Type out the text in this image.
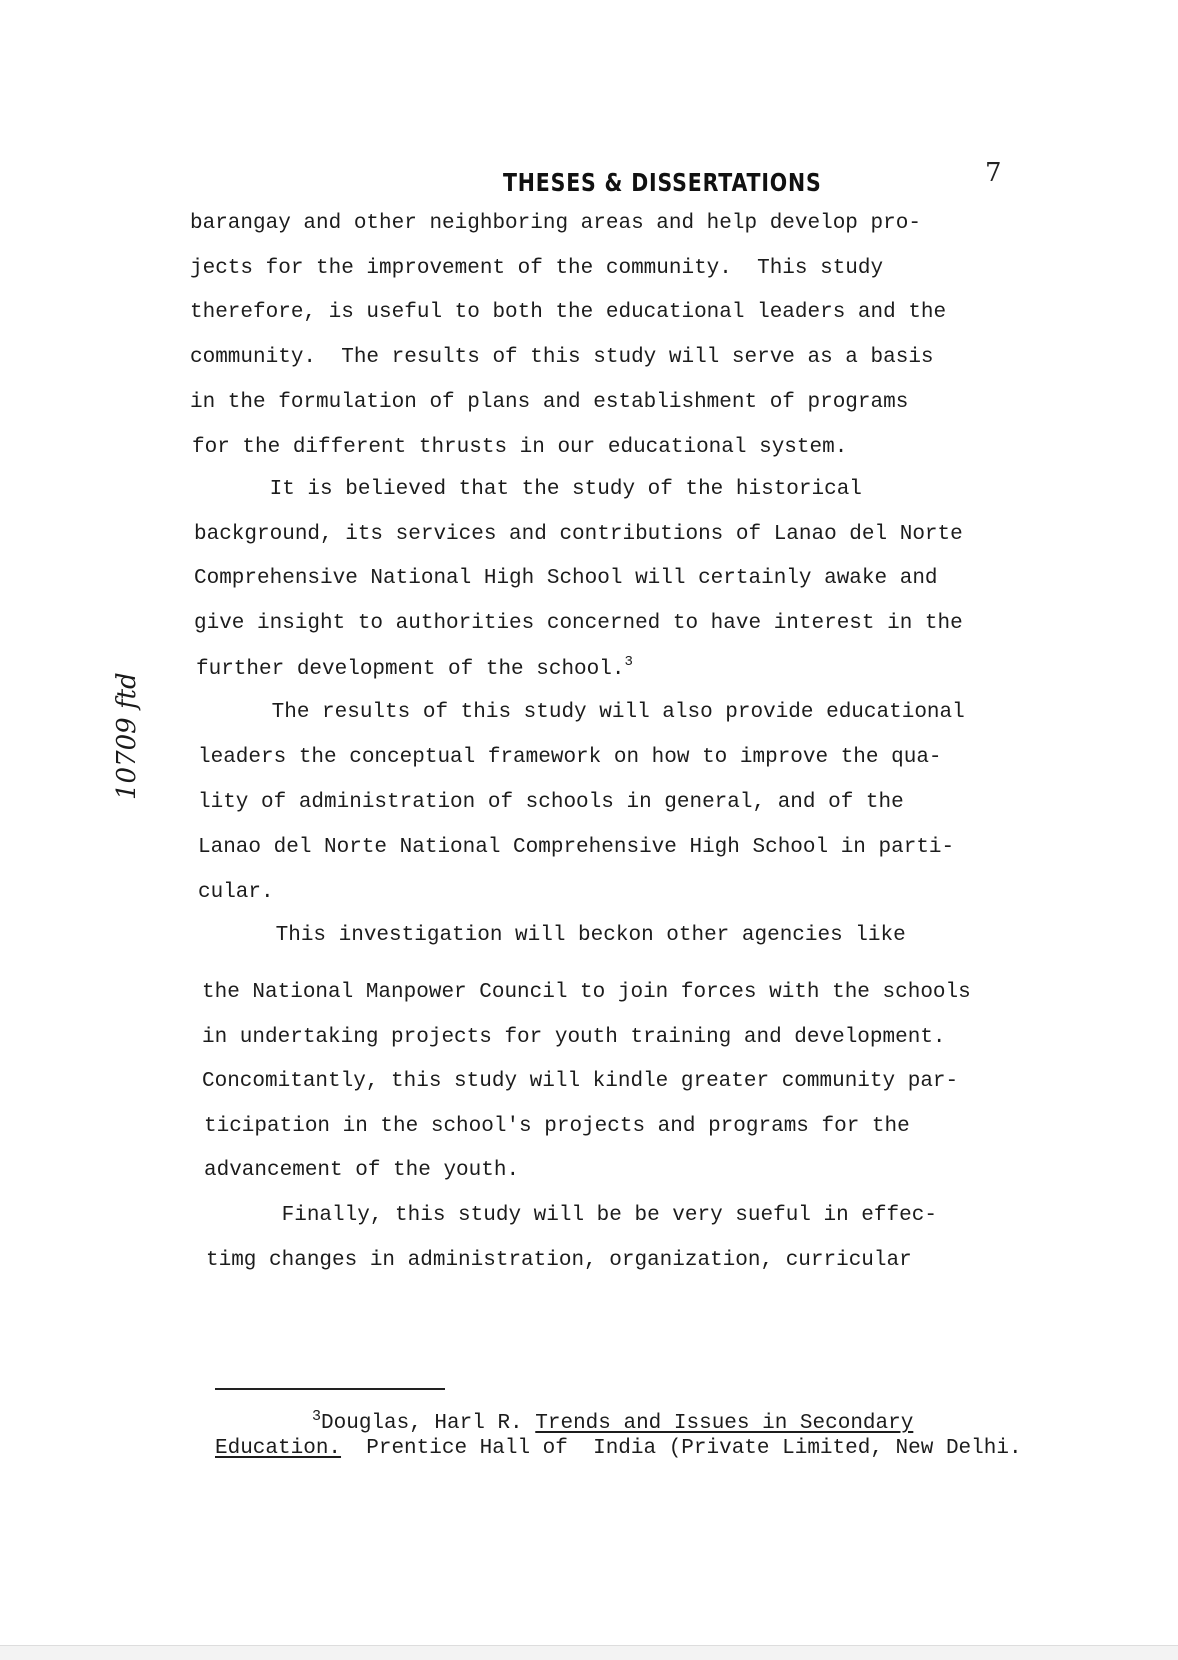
THESES & DISSERTATIONS	7
10709 ftd
barangay and other neighboring areas and help develop pro-
jects for the improvement of the community.  This study
therefore, is useful to both the educational leaders and the
community.  The results of this study will serve as a basis
in the formulation of plans and establishment of programs
for the different thrusts in our educational system.
It is believed that the study of the historical
background, its services and contributions of Lanao del Norte
Comprehensive National High School will certainly awake and
give insight to authorities concerned to have interest in the
further development of the school.$^3$
The results of this study will also provide educational
leaders the conceptual framework on how to improve the qua-
lity of administration of schools in general, and of the
Lanao del Norte National Comprehensive High School in parti-
cular.
This investigation will beckon other agencies like
the National Manpower Council to join forces with the schools
in undertaking projects for youth training and development.
Concomitantly, this study will kindle greater community par-
ticipation in the school's projects and programs for the
advancement of the youth.
Finally, this study will be be very sueful in effec-
timg changes in administration, organization, curricular
$^3$Douglas, Harl R. Trends and Issues in Secondary
Education. Prentice Hall of  India (Private Limited, New Delhi.
